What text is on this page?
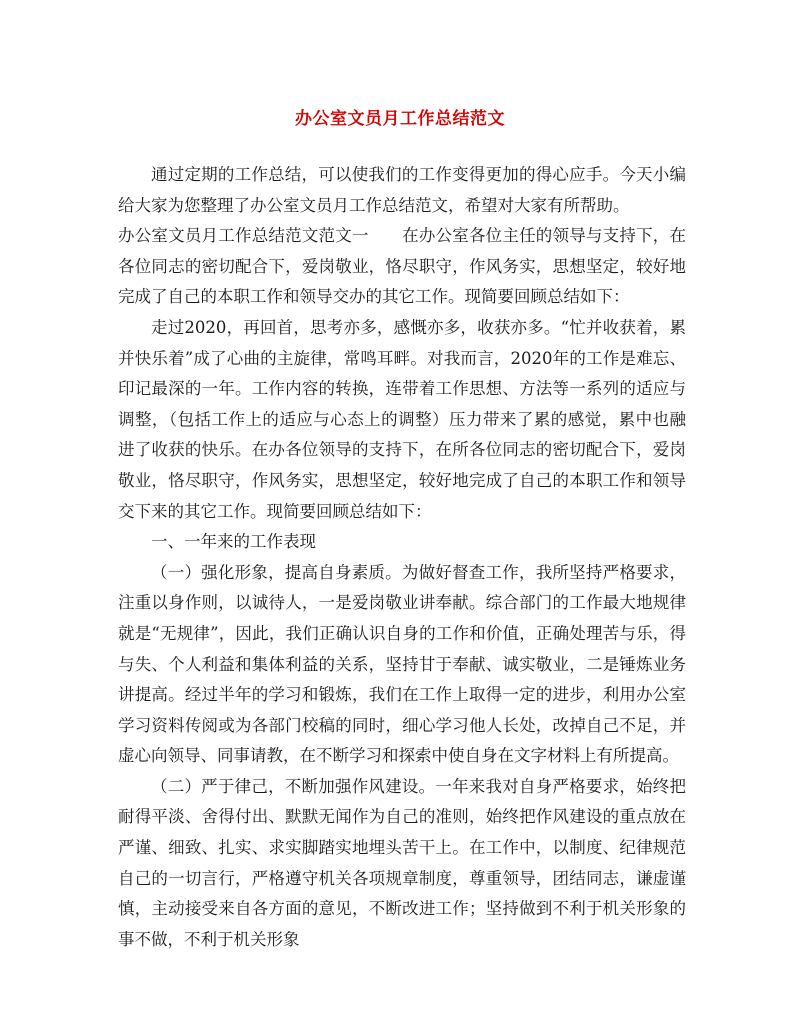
办公室文员月工作总结范文

通过定期的工作总结，可以使我们的工作变得更加的得心应手。今天小编给大家为您整理了办公室文员月工作总结范文，希望对大家有所帮助。

办公室文员月工作总结范文范文一　　在办公室各位主任的领导与支持下，在各位同志的密切配合下，爱岗敬业，恪尽职守，作风务实，思想坚定，较好地完成了自己的本职工作和领导交办的其它工作。现简要回顾总结如下：

走过2020，再回首，思考亦多，感慨亦多，收获亦多。“忙并收获着，累并快乐着”成了心曲的主旋律，常鸣耳畔。对我而言，2020年的工作是难忘、印记最深的一年。工作内容的转换，连带着工作思想、方法等一系列的适应与调整，（包括工作上的适应与心态上的调整）压力带来了累的感觉，累中也融进了收获的快乐。在办各位领导的支持下，在所各位同志的密切配合下，爱岗敬业，恪尽职守，作风务实，思想坚定，较好地完成了自己的本职工作和领导交下来的其它工作。现简要回顾总结如下：

一、一年来的工作表现

（一）强化形象，提高自身素质。为做好督查工作，我所坚持严格要求，注重以身作则，以诚待人，一是爱岗敬业讲奉献。综合部门的工作最大地规律就是“无规律”，因此，我们正确认识自身的工作和价值，正确处理苦与乐，得与失、个人利益和集体利益的关系，坚持甘于奉献、诚实敬业，二是锤炼业务讲提高。经过半年的学习和锻炼，我们在工作上取得一定的进步，利用办公室学习资料传阅或为各部门校稿的同时，细心学习他人长处，改掉自己不足，并虚心向领导、同事请教，在不断学习和探索中使自身在文字材料上有所提高。

（二）严于律己，不断加强作风建设。一年来我对自身严格要求，始终把耐得平淡、舍得付出、默默无闻作为自己的准则，始终把作风建设的重点放在严谨、细致、扎实、求实脚踏实地埋头苦干上。在工作中，以制度、纪律规范自己的一切言行，严格遵守机关各项规章制度，尊重领导，团结同志，谦虚谨慎，主动接受来自各方面的意见，不断改进工作；坚持做到不利于机关形象的事不做，不利于机关形象
